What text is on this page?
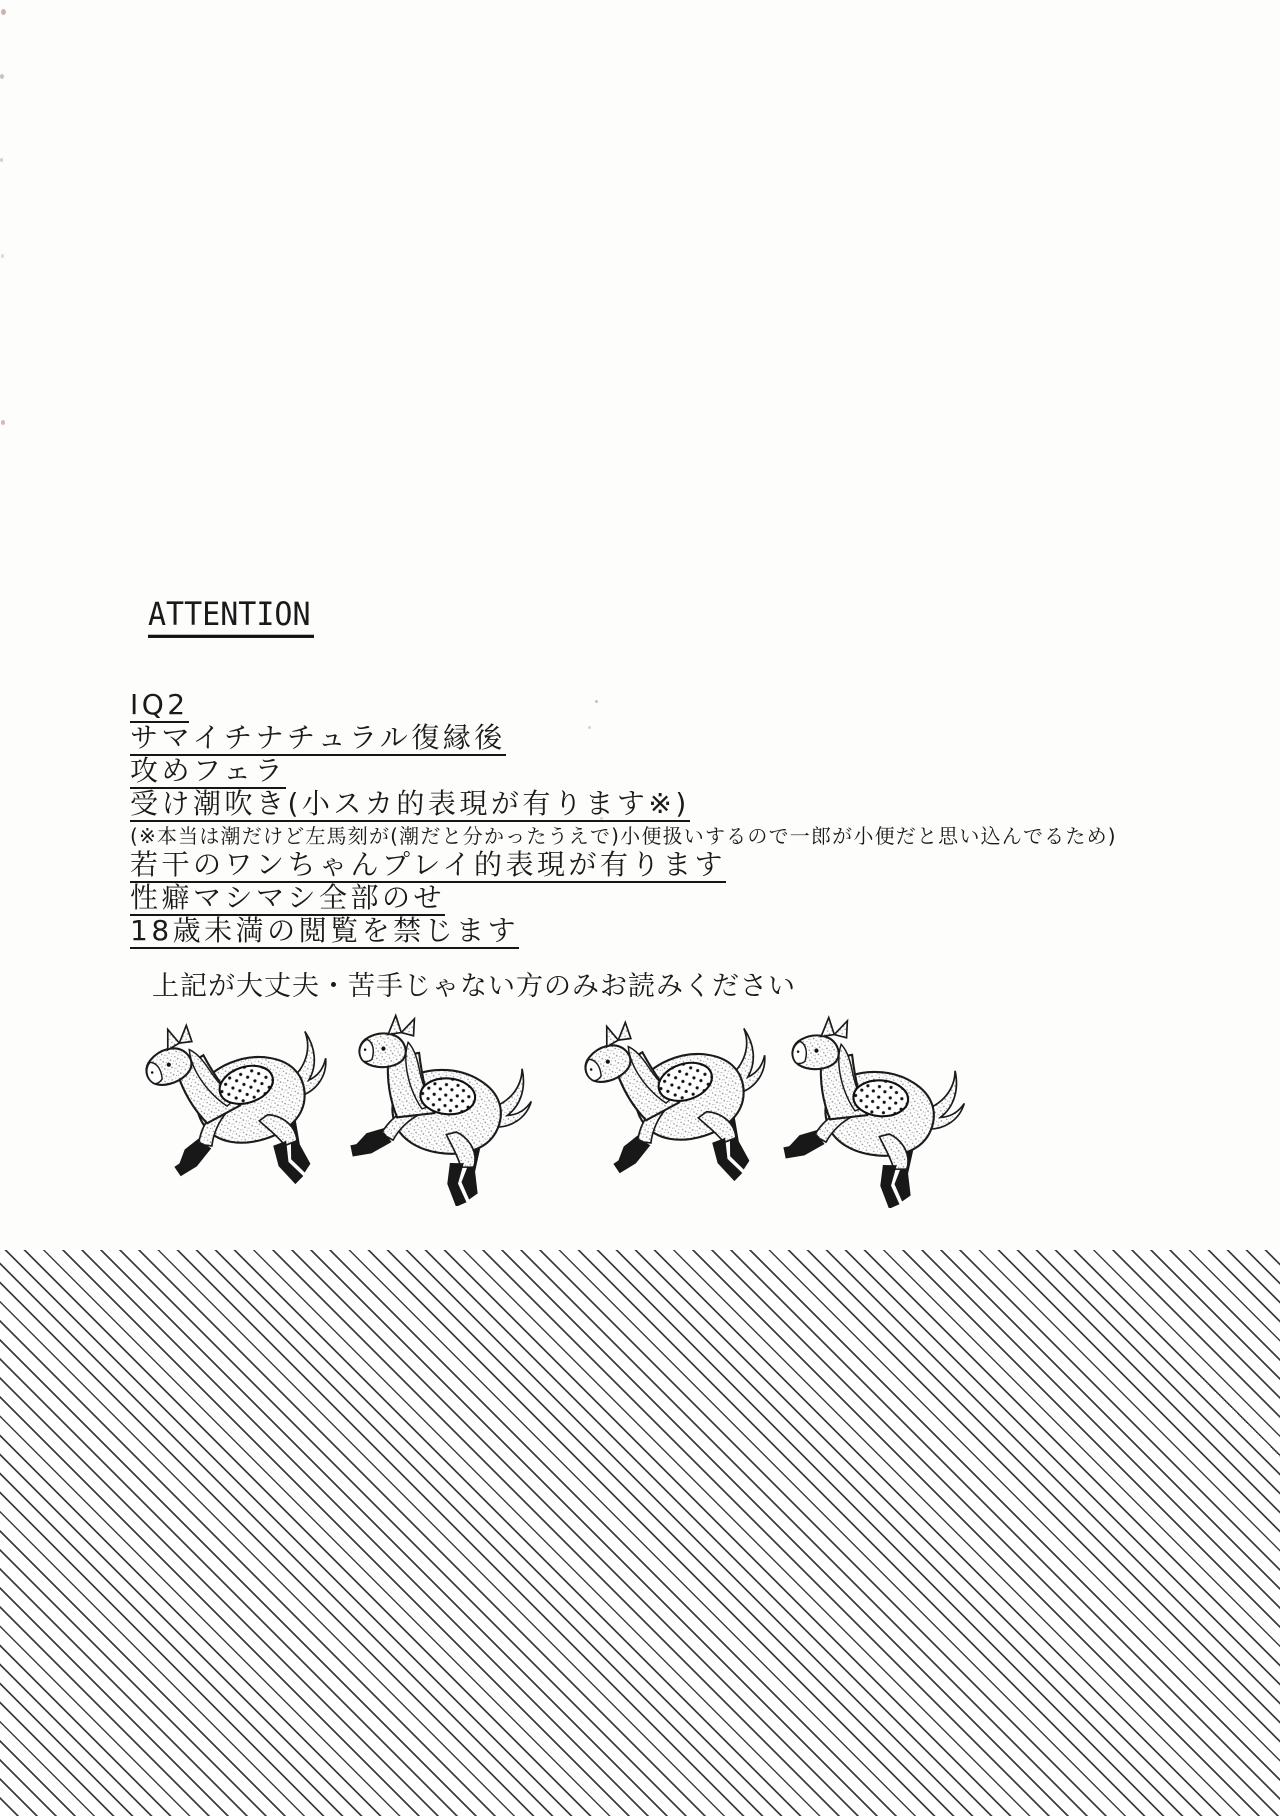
ATTENTION
IQ2
サマイチナチュラル復縁後
攻めフェラ
受け潮吹き(小スカ的表現が有ります※)
(※本当は潮だけど左馬刻が(潮だと分かったうえで)小便扱いするので一郎が小便だと思い込んでるため)
若干のワンちゃんプレイ的表現が有ります
性癖マシマシ全部のせ
18歳未満の閲覧を禁じます
上記が大丈夫・苦手じゃない方のみお読みください
